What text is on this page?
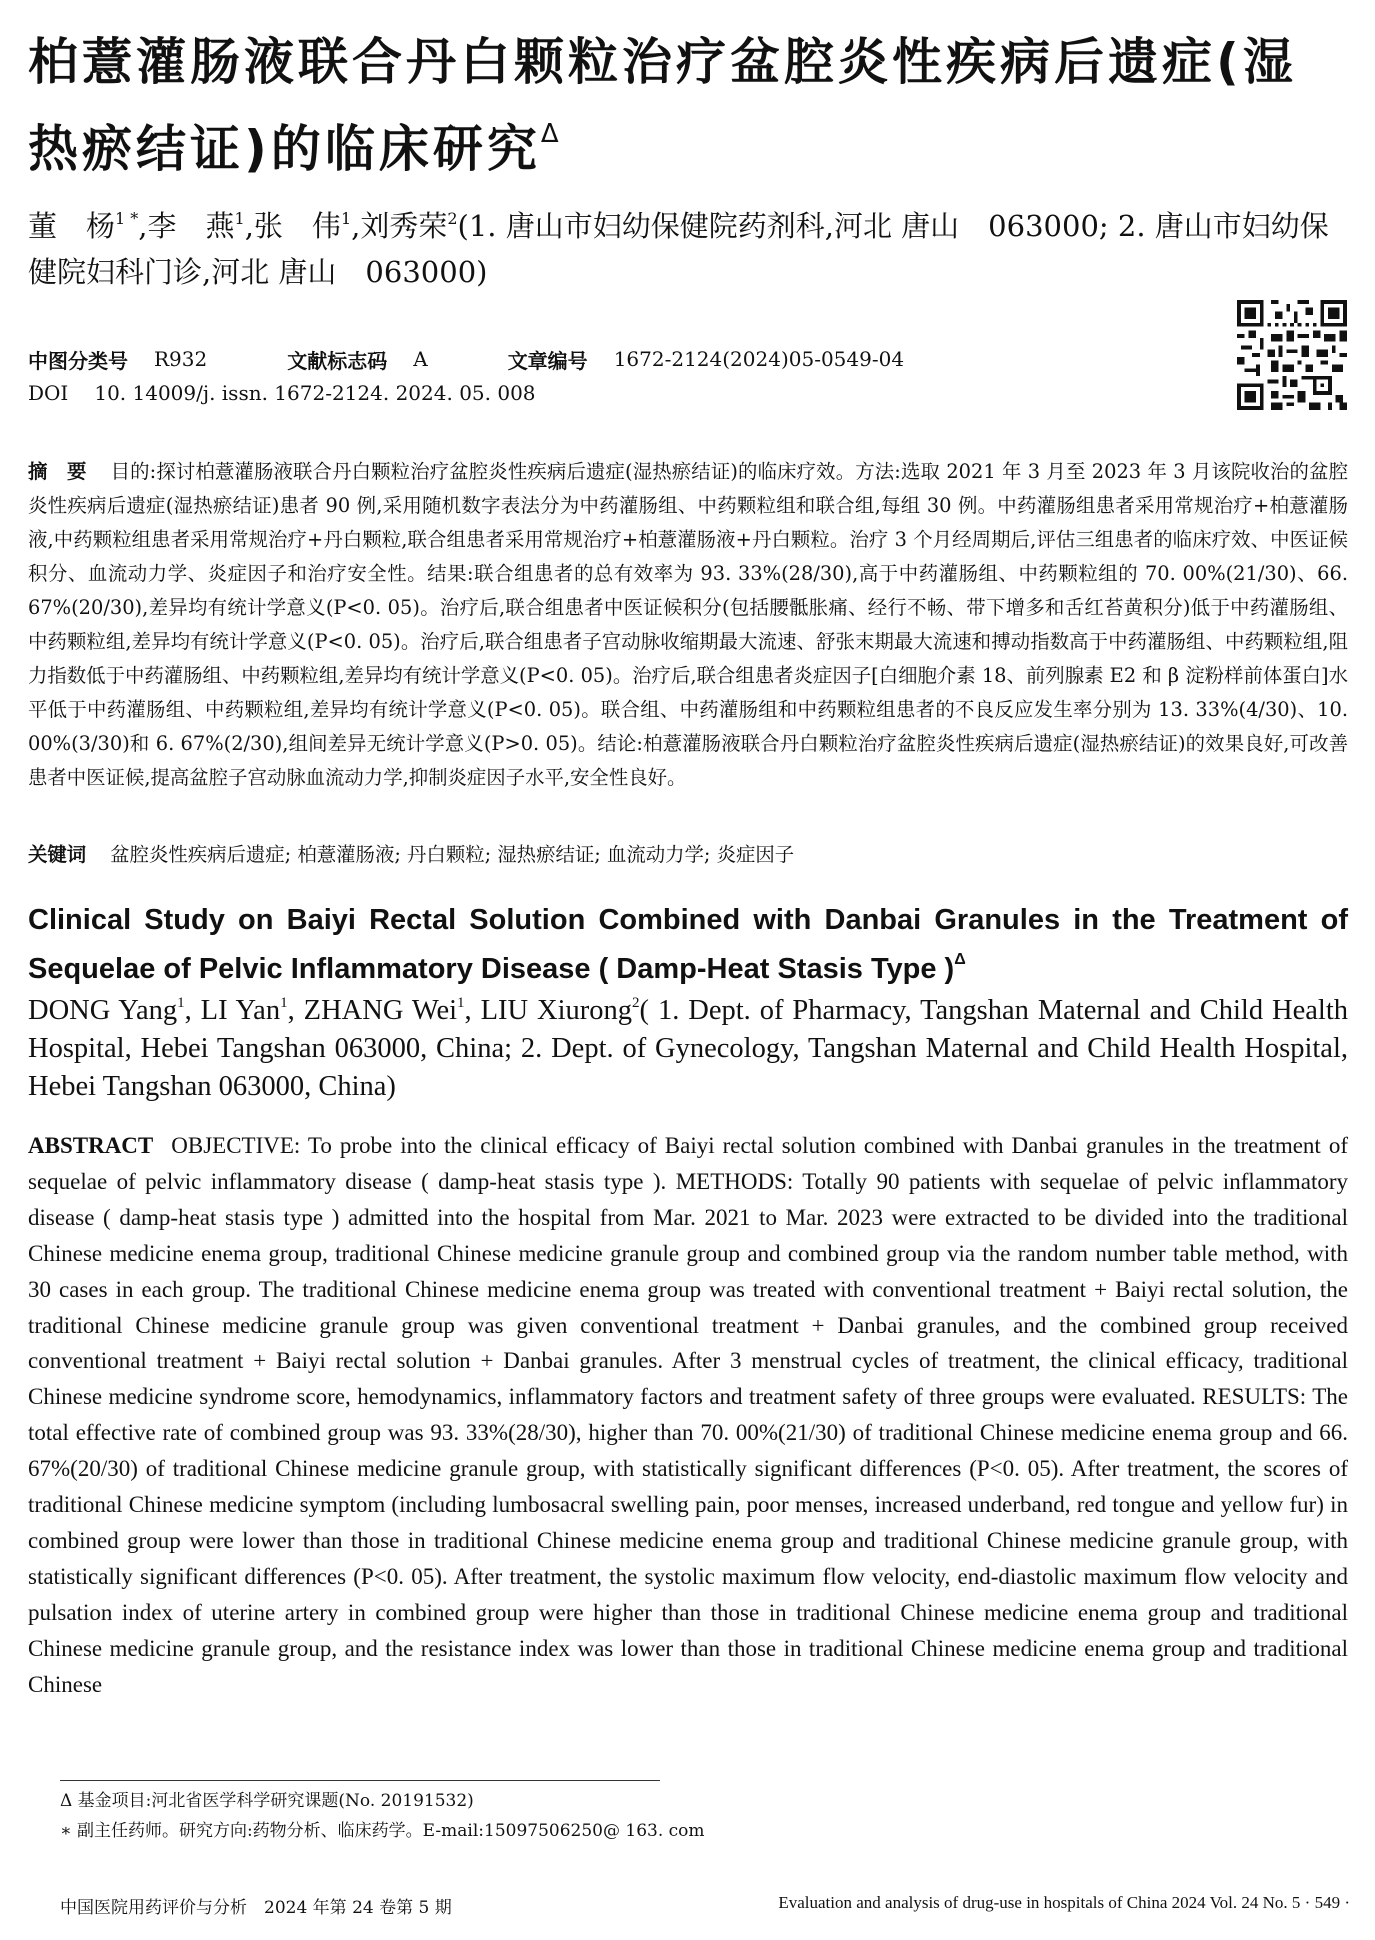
柏薏灌肠液联合丹白颗粒治疗盆腔炎性疾病后遗症(湿热瘀结证)的临床研究$^\Delta$
董　杨$^{1 *}$,李　燕$^1$,张　伟$^1$,刘秀荣$^2$(1. 唐山市妇幼保健院药剂科,河北 唐山　063000; 2. 唐山市妇幼保健院妇科门诊,河北 唐山　063000)
中图分类号 R932	文献标志码 A	文章编号 1672-2124(2024)05-0549-04
DOI 10. 14009/j. issn. 1672-2124. 2024. 05. 008
摘　要 目的:探讨柏薏灌肠液联合丹白颗粒治疗盆腔炎性疾病后遗症(湿热瘀结证)的临床疗效。方法:选取 2021 年 3 月至 2023 年 3 月该院收治的盆腔炎性疾病后遗症(湿热瘀结证)患者 90 例,采用随机数字表法分为中药灌肠组、中药颗粒组和联合组,每组 30 例。中药灌肠组患者采用常规治疗+柏薏灌肠液,中药颗粒组患者采用常规治疗+丹白颗粒,联合组患者采用常规治疗+柏薏灌肠液+丹白颗粒。治疗 3 个月经周期后,评估三组患者的临床疗效、中医证候积分、血流动力学、炎症因子和治疗安全性。结果:联合组患者的总有效率为 93. 33%(28/30),高于中药灌肠组、中药颗粒组的 70. 00%(21/30)、66. 67%(20/30),差异均有统计学意义(P<0. 05)。治疗后,联合组患者中医证候积分(包括腰骶胀痛、经行不畅、带下增多和舌红苔黄积分)低于中药灌肠组、中药颗粒组,差异均有统计学意义(P<0. 05)。治疗后,联合组患者子宫动脉收缩期最大流速、舒张末期最大流速和搏动指数高于中药灌肠组、中药颗粒组,阻力指数低于中药灌肠组、中药颗粒组,差异均有统计学意义(P<0. 05)。治疗后,联合组患者炎症因子[白细胞介素 18、前列腺素 E2 和 β 淀粉样前体蛋白]水平低于中药灌肠组、中药颗粒组,差异均有统计学意义(P<0. 05)。联合组、中药灌肠组和中药颗粒组患者的不良反应发生率分别为 13. 33%(4/30)、10. 00%(3/30)和 6. 67%(2/30),组间差异无统计学意义(P>0. 05)。结论:柏薏灌肠液联合丹白颗粒治疗盆腔炎性疾病后遗症(湿热瘀结证)的效果良好,可改善患者中医证候,提高盆腔子宫动脉血流动力学,抑制炎症因子水平,安全性良好。
关键词 盆腔炎性疾病后遗症; 柏薏灌肠液; 丹白颗粒; 湿热瘀结证; 血流动力学; 炎症因子
Clinical Study on Baiyi Rectal Solution Combined with Danbai Granules in the Treatment of Sequelae of Pelvic Inflammatory Disease ( Damp-Heat Stasis Type )$^\Delta$
DONG Yang$^1$, LI Yan$^1$, ZHANG Wei$^1$, LIU Xiurong$^2$( 1. Dept. of Pharmacy, Tangshan Maternal and Child Health Hospital, Hebei Tangshan 063000, China; 2. Dept. of Gynecology, Tangshan Maternal and Child Health Hospital, Hebei Tangshan 063000, China)
ABSTRACT OBJECTIVE: To probe into the clinical efficacy of Baiyi rectal solution combined with Danbai granules in the treatment of sequelae of pelvic inflammatory disease ( damp-heat stasis type ). METHODS: Totally 90 patients with sequelae of pelvic inflammatory disease ( damp-heat stasis type ) admitted into the hospital from Mar. 2021 to Mar. 2023 were extracted to be divided into the traditional Chinese medicine enema group, traditional Chinese medicine granule group and combined group via the random number table method, with 30 cases in each group. The traditional Chinese medicine enema group was treated with conventional treatment + Baiyi rectal solution, the traditional Chinese medicine granule group was given conventional treatment + Danbai granules, and the combined group received conventional treatment + Baiyi rectal solution + Danbai granules. After 3 menstrual cycles of treatment, the clinical efficacy, traditional Chinese medicine syndrome score, hemodynamics, inflammatory factors and treatment safety of three groups were evaluated. RESULTS: The total effective rate of combined group was 93. 33%(28/30), higher than 70. 00%(21/30) of traditional Chinese medicine enema group and 66. 67%(20/30) of traditional Chinese medicine granule group, with statistically significant differences (P<0. 05). After treatment, the scores of traditional Chinese medicine symptom (including lumbosacral swelling pain, poor menses, increased underband, red tongue and yellow fur) in combined group were lower than those in traditional Chinese medicine enema group and traditional Chinese medicine granule group, with statistically significant differences (P<0. 05). After treatment, the systolic maximum flow velocity, end-diastolic maximum flow velocity and pulsation index of uterine artery in combined group were higher than those in traditional Chinese medicine enema group and traditional Chinese medicine granule group, and the resistance index was lower than those in traditional Chinese medicine enema group and traditional Chinese
Δ 基金项目:河北省医学科学研究课题(No. 20191532)
∗ 副主任药师。研究方向:药物分析、临床药学。E-mail:15097506250@ 163. com
中国医院用药评价与分析　2024 年第 24 卷第 5 期	Evaluation and analysis of drug-use in hospitals of China 2024 Vol. 24 No. 5 · 549 ·
